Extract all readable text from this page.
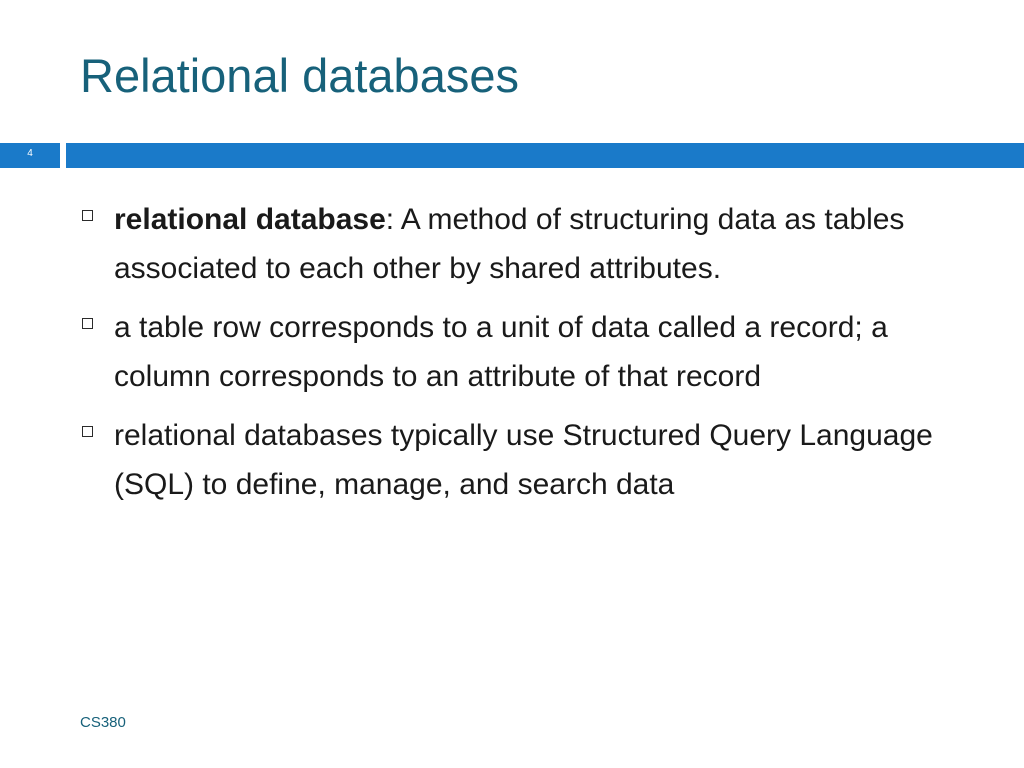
Relational databases
4
relational database: A method of structuring data as tables associated to each other by shared attributes.
a table row corresponds to a unit of data called a record; a column corresponds to an attribute of that record
relational databases typically use Structured Query Language (SQL) to define, manage, and search data
CS380
